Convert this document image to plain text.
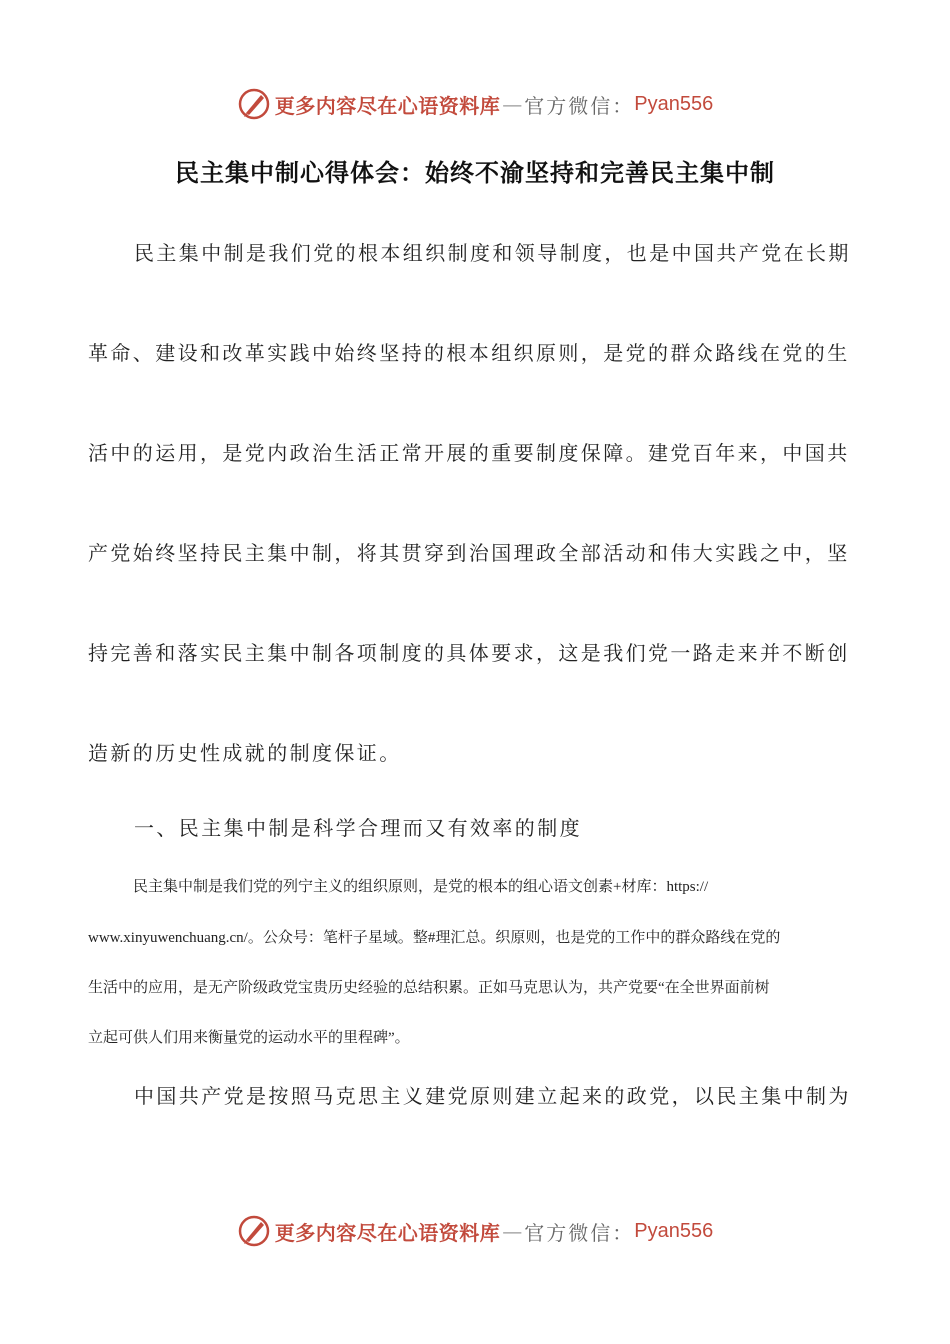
更多内容尽在心语资料库 — 官方微信： Pyan556
民主集中制心得体会：始终不渝坚持和完善民主集中制

民主集中制是我们党的根本组织制度和领导制度，也是中国共产党在长期

革命、建设和改革实践中始终坚持的根本组织原则，是党的群众路线在党的生

活中的运用，是党内政治生活正常开展的重要制度保障。建党百年来，中国共

产党始终坚持民主集中制，将其贯穿到治国理政全部活动和伟大实践之中，坚

持完善和落实民主集中制各项制度的具体要求，这是我们党一路走来并不断创

造新的历史性成就的制度保证。

一、民主集中制是科学合理而又有效率的制度

民主集中制是我们党的列宁主义的组织原则，是党的根本的组心语文创素+材库：https://

www.xinyuwenchuang.cn/。公众号：笔杆子星域。整#理汇总。织原则，也是党的工作中的群众路线在党的

生活中的应用，是无产阶级政党宝贵历史经验的总结积累。正如马克思认为，共产党要“在全世界面前树

立起可供人们用来衡量党的运动水平的里程碑”。

中国共产党是按照马克思主义建党原则建立起来的政党，以民主集中制为

更多内容尽在心语资料库 — 官方微信： Pyan556
